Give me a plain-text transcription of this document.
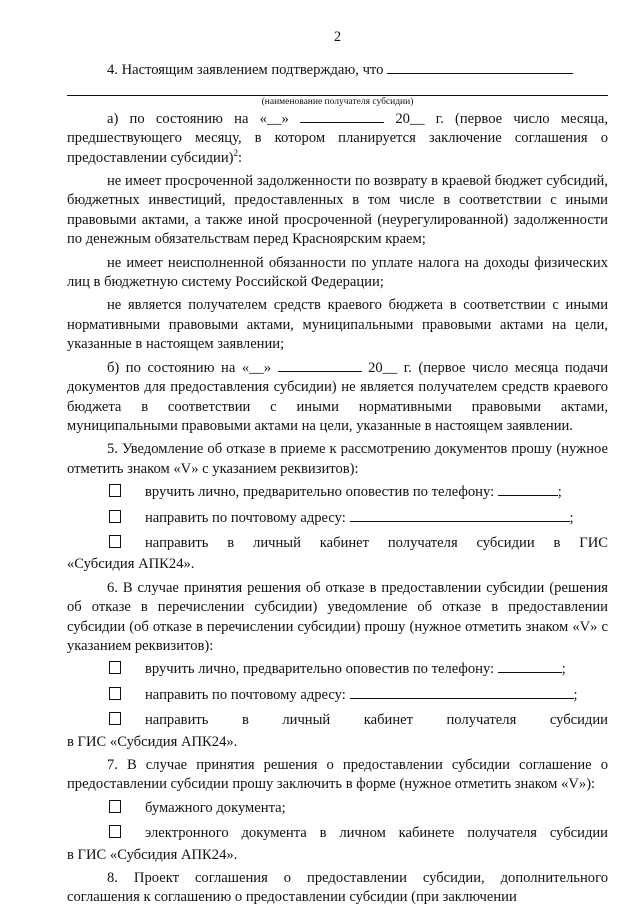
2
4. Настоящим заявлением подтверждаю, что
(наименование получателя субсидии)
а) по состоянию на «__»	20__ г. (первое число месяца, предшествующего месяцу, в котором планируется заключение соглашения о предоставлении субсидии)$^2$:
не имеет просроченной задолженности по возврату в краевой бюджет субсидий, бюджетных инвестиций, предоставленных в том числе в соответствии с иными правовыми актами, а также иной просроченной (неурегулированной) задолженности по денежным обязательствам перед Красноярским краем;
не имеет неисполненной обязанности по уплате налога на доходы физических лиц в бюджетную систему Российской Федерации;
не является получателем средств краевого бюджета в соответствии с иными нормативными правовыми актами, муниципальными правовыми актами на цели, указанные в настоящем заявлении;
б) по состоянию на «__»	20__ г. (первое число месяца подачи документов для предоставления субсидии) не является получателем средств краевого бюджета в соответствии с иными нормативными правовыми актами, муниципальными правовыми актами на цели, указанные в настоящем заявлении.
5. Уведомление об отказе в приеме к рассмотрению документов прошу (нужное отметить знаком «V» с указанием реквизитов):
вручить лично, предварительно оповестив по телефону:	;
направить по почтовому адресу:	;
направить в личный кабинет получателя субсидии в ГИС
«Субсидия АПК24».
6. В случае принятия решения об отказе в предоставлении субсидии (решения об отказе в перечислении субсидии) уведомление об отказе в предоставлении субсидии (об отказе в перечислении субсидии) прошу (нужное отметить знаком «V» с указанием реквизитов):
вручить лично, предварительно оповестив по телефону:	;
направить по почтовому адресу:	;
направить в личный кабинет получателя субсидии
в ГИС «Субсидия АПК24».
7. В случае принятия решения о предоставлении субсидии соглашение о предоставлении субсидии прошу заключить в форме (нужное отметить знаком «V»):
бумажного документа;
электронного документа в личном кабинете получателя субсидии
в ГИС «Субсидия АПК24».
8. Проект соглашения о предоставлении субсидии, дополнительного соглашения к соглашению о предоставлении субсидии (при заключении
